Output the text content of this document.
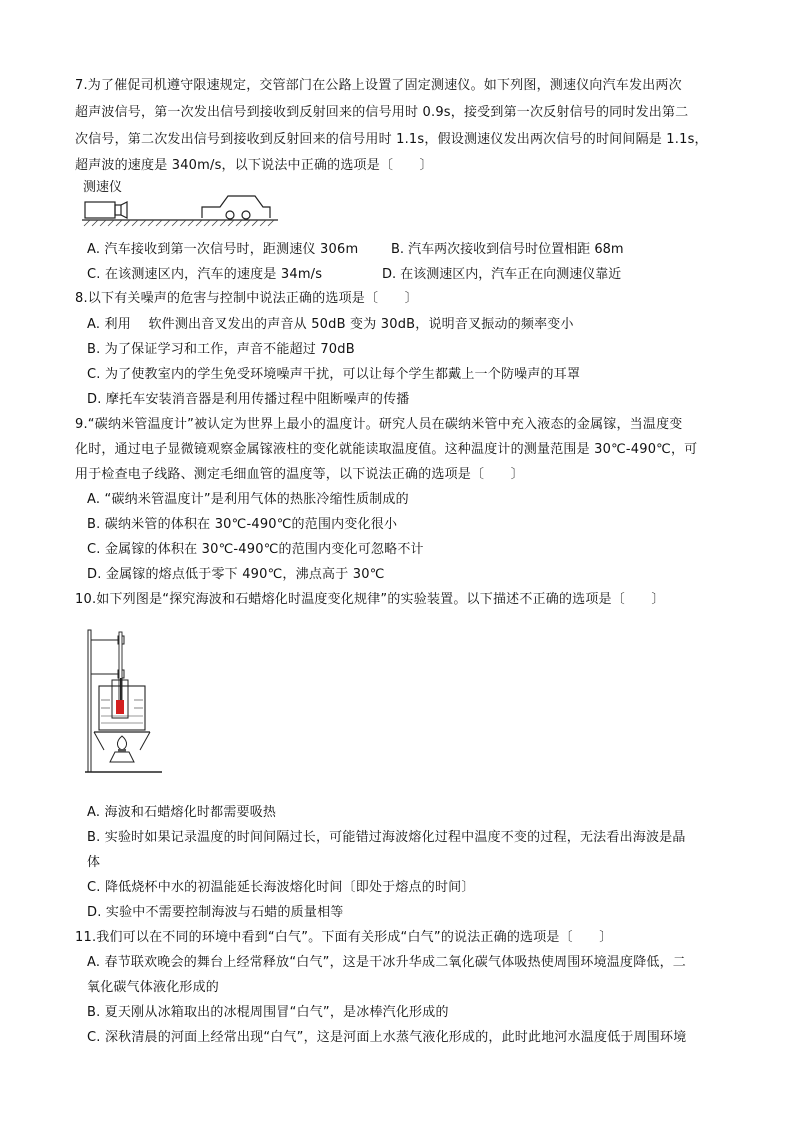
7.为了催促司机遵守限速规定，交管部门在公路上设置了固定测速仪。如下列图，测速仪向汽车发出两次
超声波信号，第一次发出信号到接收到反射回来的信号用时 0.9s，接受到第一次反射信号的同时发出第二
次信号，第二次发出信号到接收到反射回来的信号用时 1.1s，假设测速仪发出两次信号的时间间隔是 1.1s，
超声波的速度是 340m/s，以下说法中正确的选项是〔　　〕
测速仪
A. 汽车接收到第一次信号时，距测速仪 306m	B. 汽车两次接收到信号时位置相距 68m
C. 在该测速区内，汽车的速度是 34m/s	D. 在该测速区内，汽车正在向测速仪靠近
8.以下有关噪声的危害与控制中说法正确的选项是〔　　〕
A. 利用　 软件测出音叉发出的声音从 50dB 变为 30dB，说明音叉振动的频率变小
B. 为了保证学习和工作，声音不能超过 70dB
C. 为了使教室内的学生免受环境噪声干扰，可以让每个学生都戴上一个防噪声的耳罩
D. 摩托车安装消音器是利用传播过程中阻断噪声的传播
9.“碳纳米管温度计”被认定为世界上最小的温度计。研究人员在碳纳米管中充入液态的金属镓，当温度变
化时，通过电子显微镜观察金属镓液柱的变化就能读取温度值。这种温度计的测量范围是 30℃-490℃，可
用于检查电子线路、测定毛细血管的温度等，以下说法正确的选项是〔　　〕
A. “碳纳米管温度计”是利用气体的热胀冷缩性质制成的
B. 碳纳米管的体积在 30℃-490℃的范围内变化很小
C. 金属镓的体积在 30℃-490℃的范围内变化可忽略不计
D. 金属镓的熔点低于零下 490℃，沸点高于 30℃
10.如下列图是“探究海波和石蜡熔化时温度变化规律”的实验装置。以下描述不正确的选项是〔　　〕
A. 海波和石蜡熔化时都需要吸热
B. 实验时如果记录温度的时间间隔过长，可能错过海波熔化过程中温度不变的过程，无法看出海波是晶
体
C. 降低烧杯中水的初温能延长海波熔化时间〔即处于熔点的时间〕
D. 实验中不需要控制海波与石蜡的质量相等
11.我们可以在不同的环境中看到“白气”。下面有关形成“白气”的说法正确的选项是〔　　〕
A. 春节联欢晚会的舞台上经常释放“白气”，这是干冰升华成二氧化碳气体吸热使周围环境温度降低，二
氧化碳气体液化形成的
B. 夏天刚从冰箱取出的冰棍周围冒“白气”，是冰棒汽化形成的
C. 深秋清晨的河面上经常出现“白气”，这是河面上水蒸气液化形成的，此时此地河水温度低于周围环境
